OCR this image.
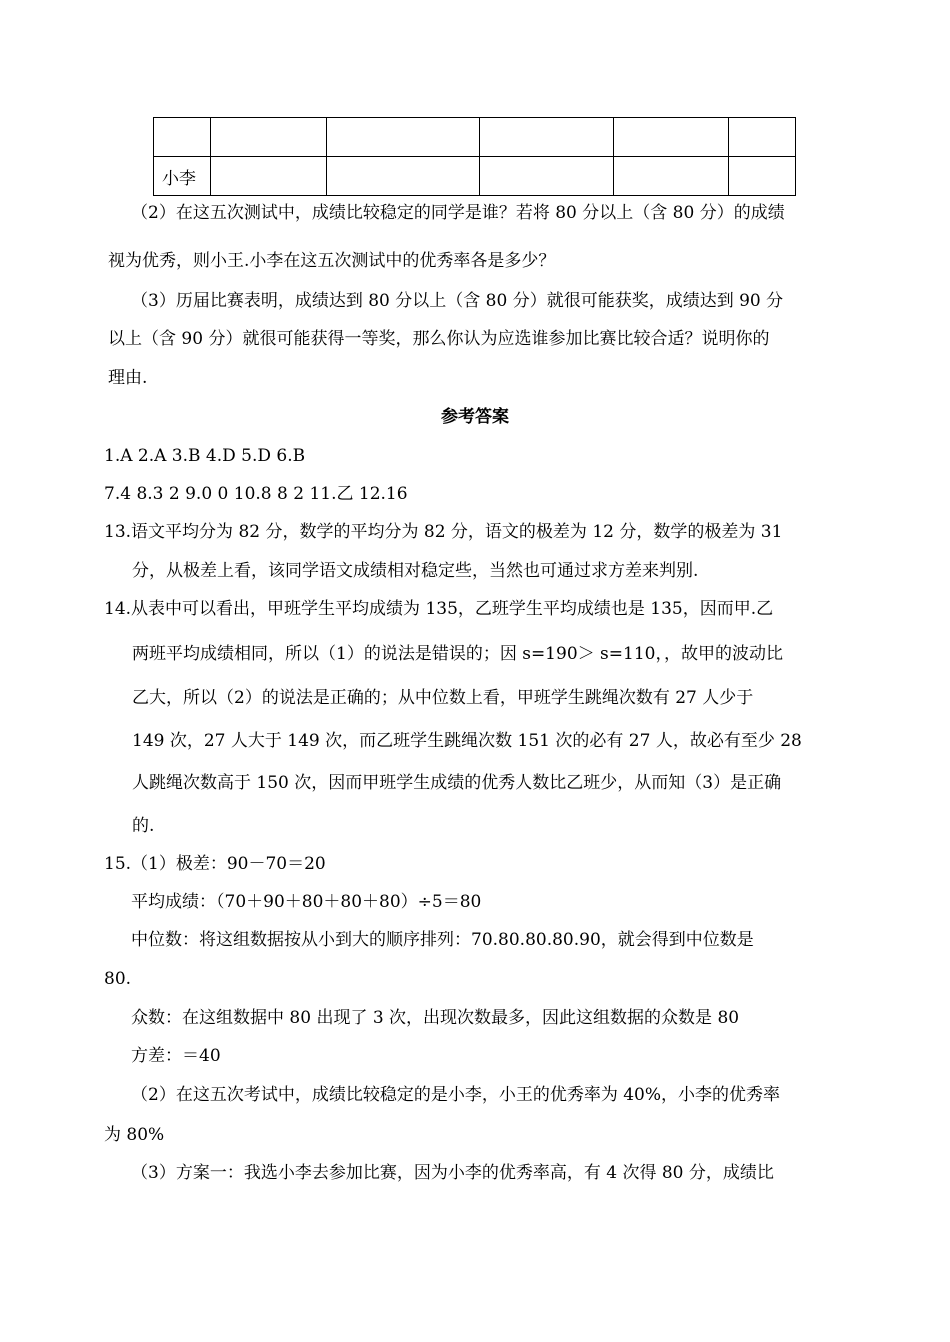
小李					
（2）在这五次测试中，成绩比较稳定的同学是谁？若将 80 分以上（含 80 分）的成绩
视为优秀，则小王.小李在这五次测试中的优秀率各是多少？
（3）历届比赛表明，成绩达到 80 分以上（含 80 分）就很可能获奖，成绩达到 90 分
以上（含 90 分）就很可能获得一等奖，那么你认为应选谁参加比赛比较合适？说明你的
理由.
参考答案
1.A 2.A 3.B 4.D 5.D 6.B
7.4 8.3 2 9.0 0 10.8 8 2 11.乙 12.16
13.语文平均分为 82 分，数学的平均分为 82 分，语文的极差为 12 分，数学的极差为 31
分，从极差上看，该同学语文成绩相对稳定些，当然也可通过求方差来判别.
14.从表中可以看出，甲班学生平均成绩为 135，乙班学生平均成绩也是 135，因而甲.乙
两班平均成绩相同，所以（1）的说法是错误的；因 s=190＞ s=110，，故甲的波动比
乙大，所以（2）的说法是正确的；从中位数上看，甲班学生跳绳次数有 27 人少于
149 次，27 人大于 149 次，而乙班学生跳绳次数 151 次的必有 27 人，故必有至少 28
人跳绳次数高于 150 次，因而甲班学生成绩的优秀人数比乙班少，从而知（3）是正确
的.
15.（1）极差：90－70＝20
平均成绩：（70＋90＋80＋80＋80）÷5＝80
中位数：将这组数据按从小到大的顺序排列：70.80.80.80.90，就会得到中位数是
80.
众数：在这组数据中 80 出现了 3 次，出现次数最多，因此这组数据的众数是 80
方差：＝40
（2）在这五次考试中，成绩比较稳定的是小李，小王的优秀率为 40%，小李的优秀率
为 80%
（3）方案一：我选小李去参加比赛，因为小李的优秀率高，有 4 次得 80 分，成绩比
